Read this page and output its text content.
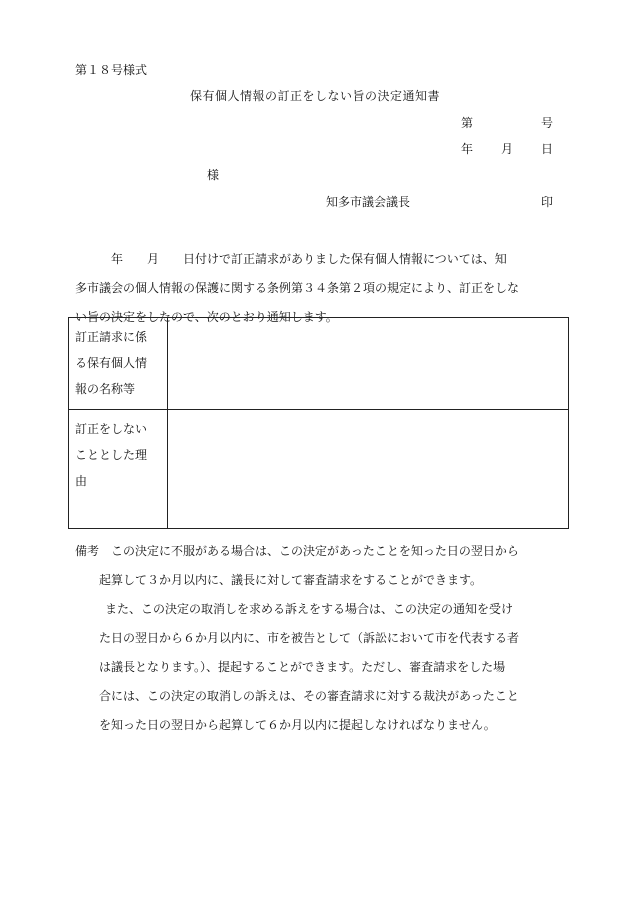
第１８号様式
保有個人情報の訂正をしない旨の決定通知書
第	号
年 月 日
様
知多市議会議長	印
　　　年　　月　　日付けで訂正請求がありました保有個人情報については、知
多市議会の個人情報の保護に関する条例第３４条第２項の規定により、訂正をしな
い旨の決定をしたので、次のとおり通知します。
訂正請求に係
る保有個人情
報の名称等
訂正をしない
こととした理
由
備考　この決定に不服がある場合は、この決定があったことを知った日の翌日から
起算して３か月以内に、議長に対して審査請求をすることができます。
また、この決定の取消しを求める訴えをする場合は、この決定の通知を受け
た日の翌日から６か月以内に、市を被告として（訴訟において市を代表する者
は議長となります。）、提起することができます。ただし、審査請求をした場
合には、この決定の取消しの訴えは、その審査請求に対する裁決があったこと
を知った日の翌日から起算して６か月以内に提起しなければなりません。
